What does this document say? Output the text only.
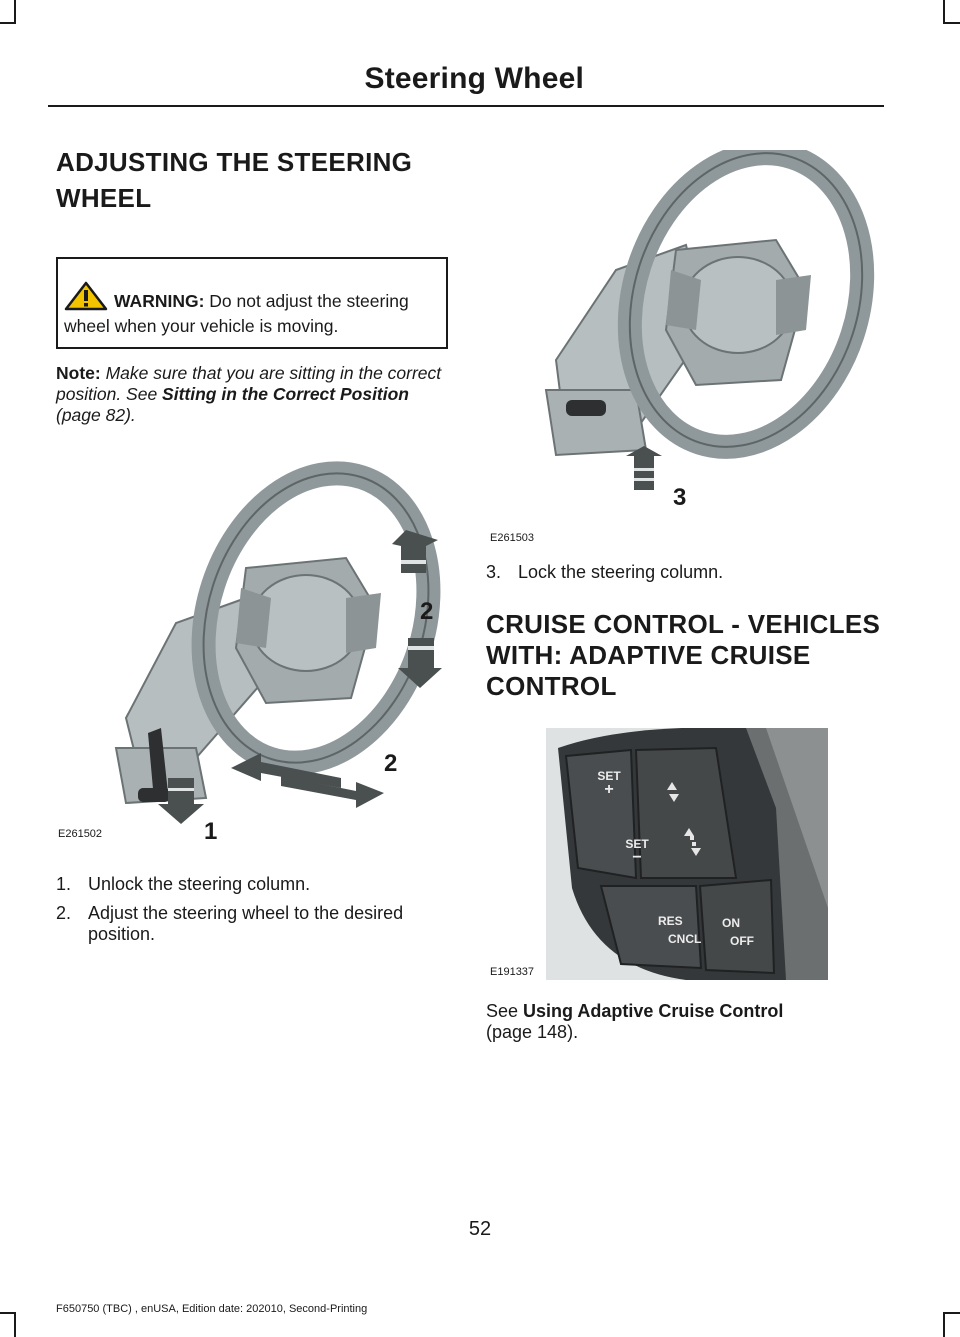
Steering Wheel
ADJUSTING THE STEERING
WHEEL
WARNING: Do not adjust the steering wheel when your vehicle is moving.
Note: Make sure that you are sitting in the correct position. See Sitting in the Correct Position (page 82).
2
2
1
E261502
1. Unlock the steering column.
2. Adjust the steering wheel to the desired position.
3
E261503
3. Lock the steering column.
CRUISE CONTROL - VEHICLES
WITH: ADAPTIVE CRUISE
CONTROL
SET
+
SET
−
RES
CNCL
ON
OFF
E191337
See Using Adaptive Cruise Control
(page 148).
52
F650750 (TBC) , enUSA, Edition date: 202010, Second-Printing
